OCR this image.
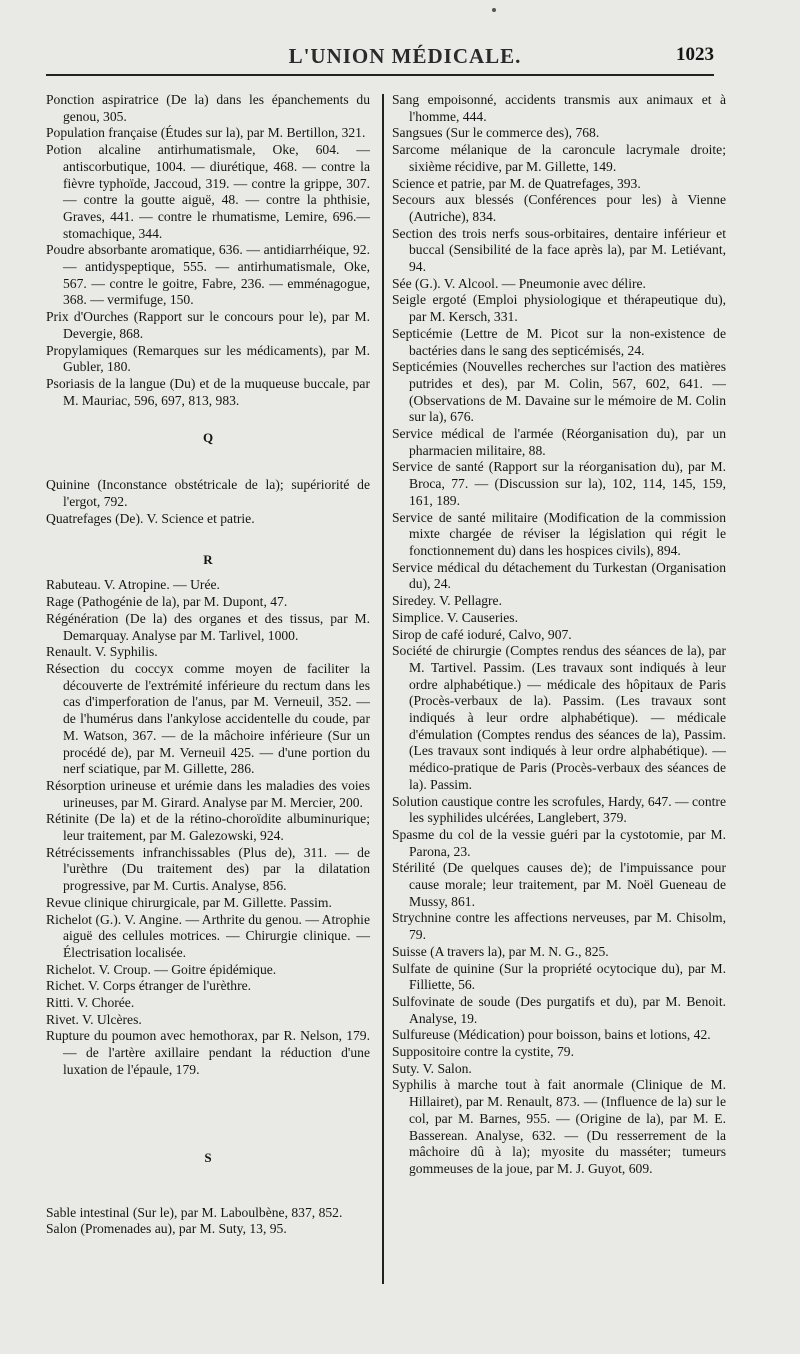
L'UNION MÉDICALE.	1023

Ponction aspiratrice (De la) dans les épanchements du genou, 305.

Population française (Études sur la), par M. Bertillon, 321.

Potion alcaline antirhumatismale, Oke, 604. — antiscorbutique, 1004. — diurétique, 468. — contre la fièvre typhoïde, Jaccoud, 319. — contre la grippe, 307. — contre la goutte aiguë, 48. — contre la phthisie, Graves, 441. — contre le rhumatisme, Lemire, 696.—stomachique, 344.

Poudre absorbante aromatique, 636. — antidiarrhéique, 92. — antidyspeptique, 555. — antirhumatismale, Oke, 567. — contre le goitre, Fabre, 236. — emménagogue, 368. — vermifuge, 150.

Prix d'Ourches (Rapport sur le concours pour le), par M. Devergie, 868.

Propylamiques (Remarques sur les médicaments), par M. Gubler, 180.

Psoriasis de la langue (Du) et de la muqueuse buccale, par M. Mauriac, 596, 697, 813, 983.

Q

Quinine (Inconstance obstétricale de la); supériorité de l'ergot, 792.

Quatrefages (De). V. Science et patrie.

R

Rabuteau. V. Atropine. — Urée.

Rage (Pathogénie de la), par M. Dupont, 47.

Régénération (De la) des organes et des tissus, par M. Demarquay. Analyse par M. Tarlivel, 1000.

Renault. V. Syphilis.

Résection du coccyx comme moyen de faciliter la découverte de l'extrémité inférieure du rectum dans les cas d'imperforation de l'anus, par M. Verneuil, 352. — de l'humérus dans l'ankylose accidentelle du coude, par M. Watson, 367. — de la mâchoire inférieure (Sur un procédé de), par M. Verneuil 425. — d'une portion du nerf sciatique, par M. Gillette, 286.

Résorption urineuse et urémie dans les maladies des voies urineuses, par M. Girard. Analyse par M. Mercier, 200.

Rétinite (De la) et de la rétino-choroïdite albuminurique; leur traitement, par M. Galezowski, 924.

Rétrécissements infranchissables (Plus de), 311. — de l'urèthre (Du traitement des) par la dilatation progressive, par M. Curtis. Analyse, 856.

Revue clinique chirurgicale, par M. Gillette. Passim.

Richelot (G.). V. Angine. — Arthrite du genou. — Atrophie aiguë des cellules motrices. — Chirurgie clinique. — Électrisation localisée.

Richelot. V. Croup. — Goitre épidémique.

Richet. V. Corps étranger de l'urèthre.

Ritti. V. Chorée.

Rivet. V. Ulcères.

Rupture du poumon avec hemothorax, par R. Nelson, 179. — de l'artère axillaire pendant la réduction d'une luxation de l'épaule, 179.

S

Sable intestinal (Sur le), par M. Laboulbène, 837, 852.

Salon (Promenades au), par M. Suty, 13, 95.

Sang empoisonné, accidents transmis aux animaux et à l'homme, 444.

Sangsues (Sur le commerce des), 768.

Sarcome mélanique de la caroncule lacrymale droite; sixième récidive, par M. Gillette, 149.

Science et patrie, par M. de Quatrefages, 393.

Secours aux blessés (Conférences pour les) à Vienne (Autriche), 834.

Section des trois nerfs sous-orbitaires, dentaire inférieur et buccal (Sensibilité de la face après la), par M. Letiévant, 94.

Sée (G.). V. Alcool. — Pneumonie avec délire.

Seigle ergoté (Emploi physiologique et thérapeutique du), par M. Kersch, 331.

Septicémie (Lettre de M. Picot sur la non-existence de bactéries dans le sang des septicémisés, 24.

Septicémies (Nouvelles recherches sur l'action des matières putrides et des), par M. Colin, 567, 602, 641. — (Observations de M. Davaine sur le mémoire de M. Colin sur la), 676.

Service médical de l'armée (Réorganisation du), par un pharmacien militaire, 88.

Service de santé (Rapport sur la réorganisation du), par M. Broca, 77. — (Discussion sur la), 102, 114, 145, 159, 161, 189.

Service de santé militaire (Modification de la commission mixte chargée de réviser la législation qui régit le fonctionnement du) dans les hospices civils), 894.

Service médical du détachement du Turkestan (Organisation du), 24.

Siredey. V. Pellagre.

Simplice. V. Causeries.

Sirop de café ioduré, Calvo, 907.

Société de chirurgie (Comptes rendus des séances de la), par M. Tartivel. Passim. (Les travaux sont indiqués à leur ordre alphabétique.) — médicale des hôpitaux de Paris (Procès-verbaux de la). Passim. (Les travaux sont indiqués à leur ordre alphabétique). — médicale d'émulation (Comptes rendus des séances de la), Passim. (Les travaux sont indiqués à leur ordre alphabétique). — médico-pratique de Paris (Procès-verbaux des séances de la). Passim.

Solution caustique contre les scrofules, Hardy, 647. — contre les syphilides ulcérées, Langlebert, 379.

Spasme du col de la vessie guéri par la cystotomie, par M. Parona, 23.

Stérilité (De quelques causes de); de l'impuissance pour cause morale; leur traitement, par M. Noël Gueneau de Mussy, 861.

Strychnine contre les affections nerveuses, par M. Chisolm, 79.

Suisse (A travers la), par M. N. G., 825.

Sulfate de quinine (Sur la propriété ocytocique du), par M. Filliette, 56.

Sulfovinate de soude (Des purgatifs et du), par M. Benoit. Analyse, 19.

Sulfureuse (Médication) pour boisson, bains et lotions, 42.

Suppositoire contre la cystite, 79.

Suty. V. Salon.

Syphilis à marche tout à fait anormale (Clinique de M. Hillairet), par M. Renault, 873. — (Influence de la) sur le col, par M. Barnes, 955. — (Origine de la), par M. E. Basserean. Analyse, 632. — (Du resserrement de la mâchoire dû à la); myosite du masséter; tumeurs gommeuses de la joue, par M. J. Guyot, 609.
